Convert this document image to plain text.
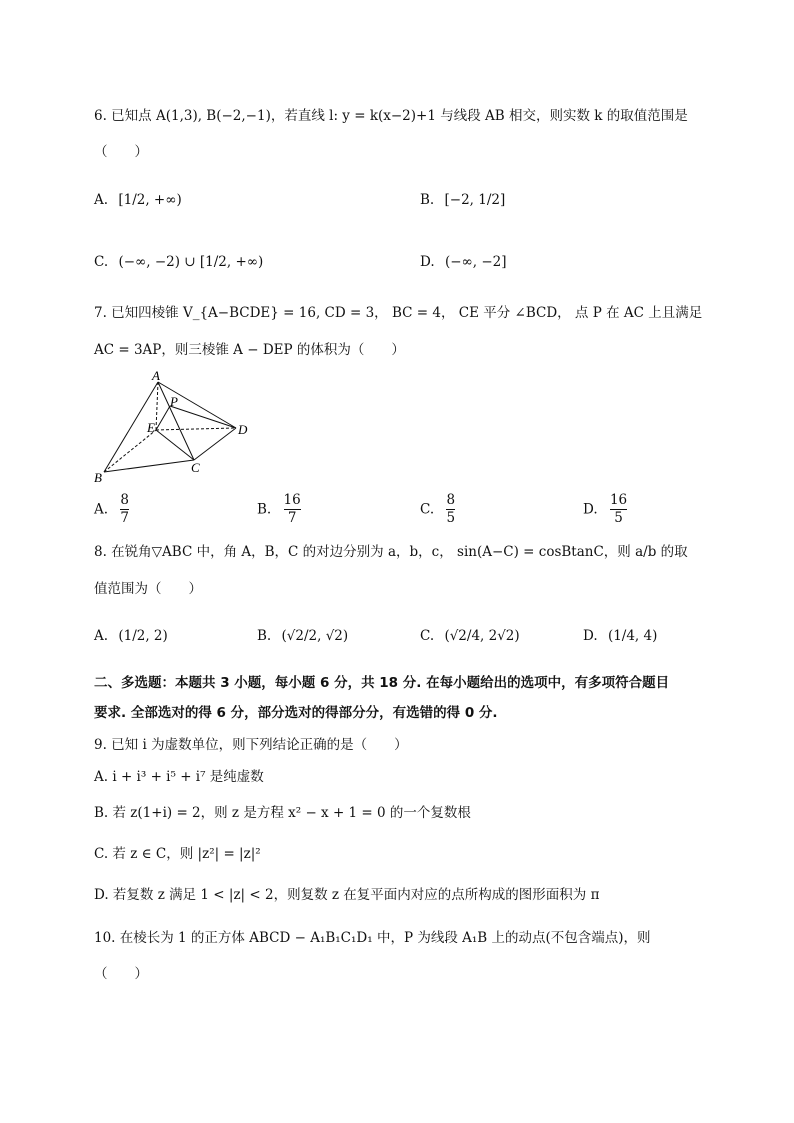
6. 已知点 A(1,3), B(−2,−1)，若直线 l: y = k(x−2)+1 与线段 AB 相交，则实数 k 的取值范围是
（　　）
A. [1/2, +∞)	B. [−2, 1/2]
C. (−∞, −2) ∪ [1/2, +∞)	D. (−∞, −2]
7. 已知四棱锥 V_{A−BCDE} = 16, CD = 3， BC = 4， CE 平分 ∠BCD， 点 P 在 AC 上且满足
AC = 3AP，则三棱锥 A − DEP 的体积为（　　）
A
P
E	D
B
C
A. $\frac{8}{7}$	B. $\frac{16}{7}$	C. $\frac{8}{5}$	D. $\frac{16}{5}$
8. 在锐角▽ABC 中，角 A，B，C 的对边分别为 a，b，c， sin(A−C) = cosBtanC，则 a/b 的取
值范围为（　　）
A. (1/2, 2)	B. (√2/2, √2)	C. (√2/4, 2√2)	D. (1/4, 4)
二、多选题：本题共 3 小题，每小题 6 分，共 18 分. 在每小题给出的选项中，有多项符合题目
要求. 全部选对的得 6 分，部分选对的得部分分，有选错的得 0 分.
9. 已知 i 为虚数单位，则下列结论正确的是（　　）
A. i + i³ + i⁵ + i⁷ 是纯虚数
B. 若 z(1+i) = 2，则 z 是方程 x² − x + 1 = 0 的一个复数根
C. 若 z ∈ C，则 |z²| = |z|²
D. 若复数 z 满足 1 < |z| < 2，则复数 z 在复平面内对应的点所构成的图形面积为 π
10. 在棱长为 1 的正方体 ABCD − A₁B₁C₁D₁ 中，P 为线段 A₁B 上的动点(不包含端点)，则
（　　）
